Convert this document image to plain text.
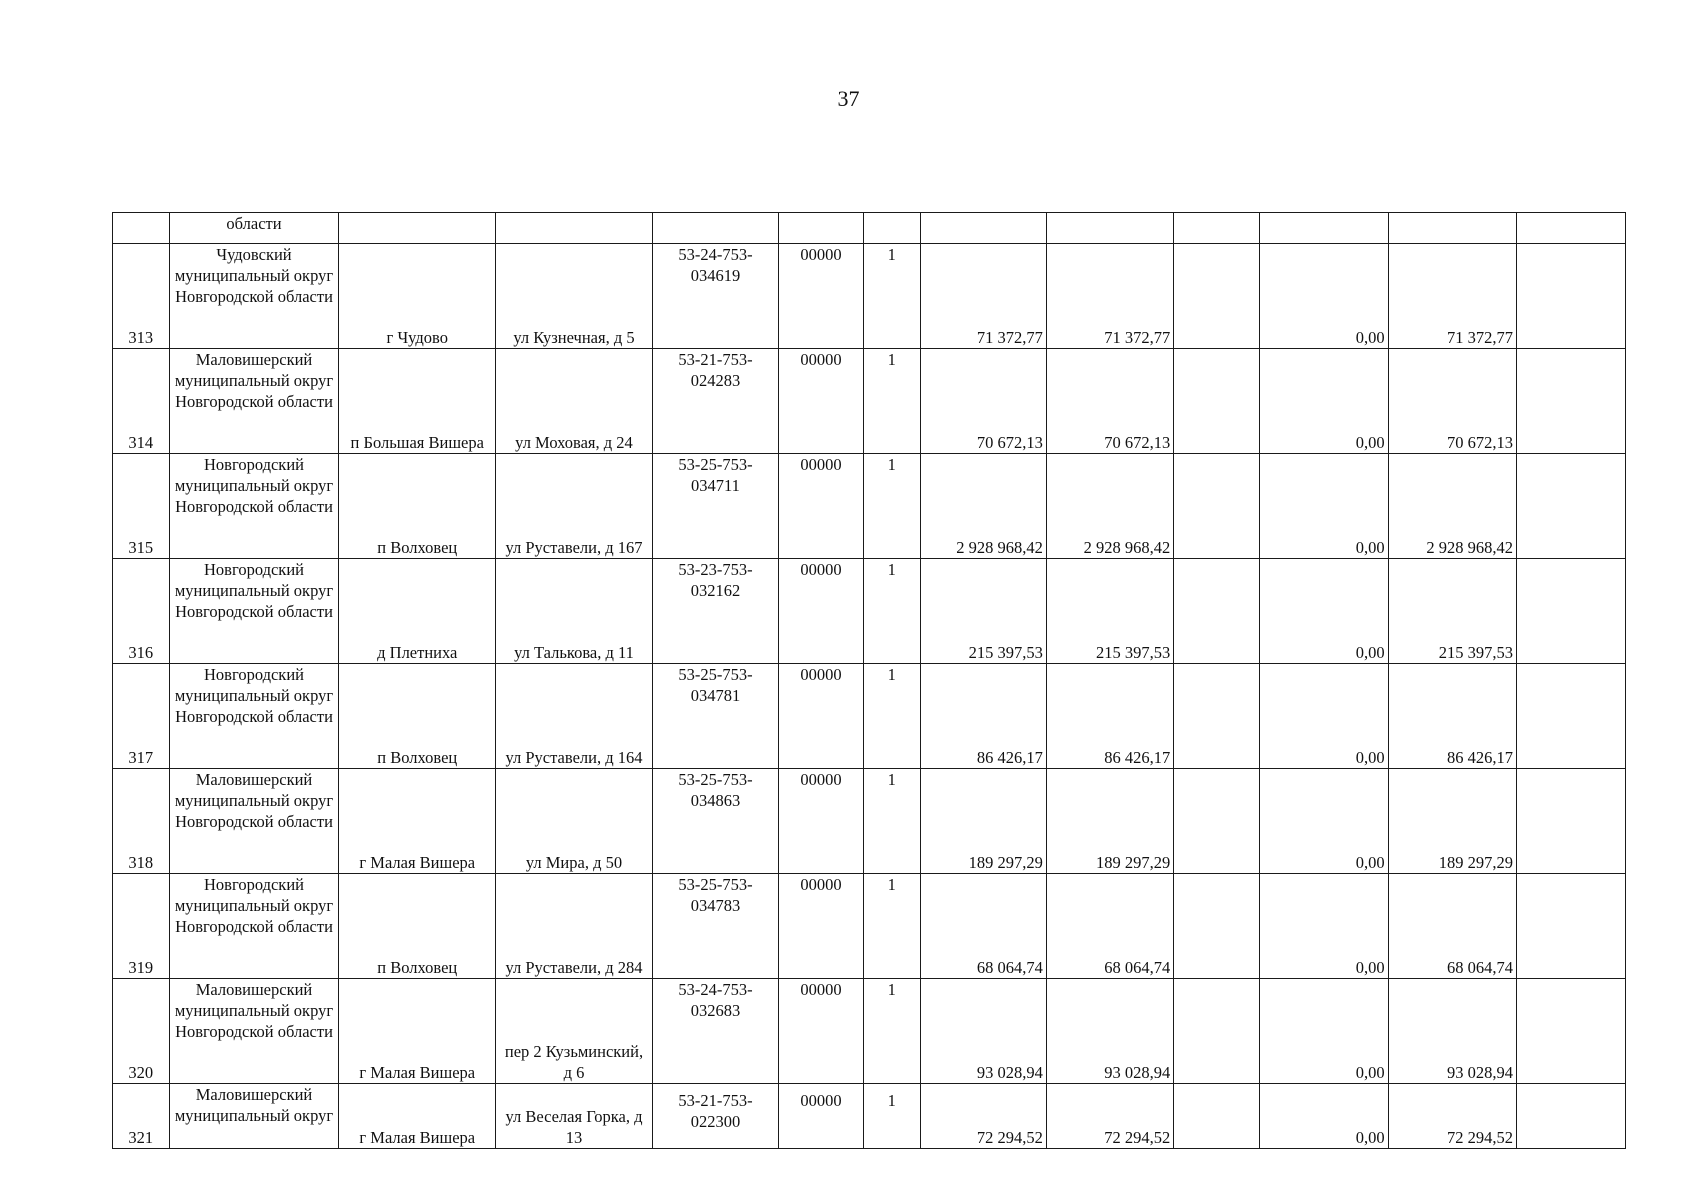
37
	области											
313	Чудовский муниципальный округ Новгородской области	г Чудово	ул Кузнечная, д 5	53-24-753-034619	00000	1	71 372,77	71 372,77		0,00	71 372,77	
314	Маловишерский муниципальный округ Новгородской области	п Большая Вишера	ул Моховая, д 24	53-21-753-024283	00000	1	70 672,13	70 672,13		0,00	70 672,13	
315	Новгородский муниципальный округ Новгородской области	п Волховец	ул Руставели, д 167	53-25-753-034711	00000	1	2 928 968,42	2 928 968,42		0,00	2 928 968,42	
316	Новгородский муниципальный округ Новгородской области	д Плетниха	ул Талькова, д 11	53-23-753-032162	00000	1	215 397,53	215 397,53		0,00	215 397,53	
317	Новгородский муниципальный округ Новгородской области	п Волховец	ул Руставели, д 164	53-25-753-034781	00000	1	86 426,17	86 426,17		0,00	86 426,17	
318	Маловишерский муниципальный округ Новгородской области	г Малая Вишера	ул Мира, д 50	53-25-753-034863	00000	1	189 297,29	189 297,29		0,00	189 297,29	
319	Новгородский муниципальный округ Новгородской области	п Волховец	ул Руставели, д 284	53-25-753-034783	00000	1	68 064,74	68 064,74		0,00	68 064,74	
320	Маловишерский муниципальный округ Новгородской области	г Малая Вишера	пер 2 Кузьминский, д 6	53-24-753-032683	00000	1	93 028,94	93 028,94		0,00	93 028,94	
321	Маловишерский муниципальный округ	г Малая Вишера	ул Веселая Горка, д 13	53-21-753-022300	00000	1	72 294,52	72 294,52		0,00	72 294,52	
